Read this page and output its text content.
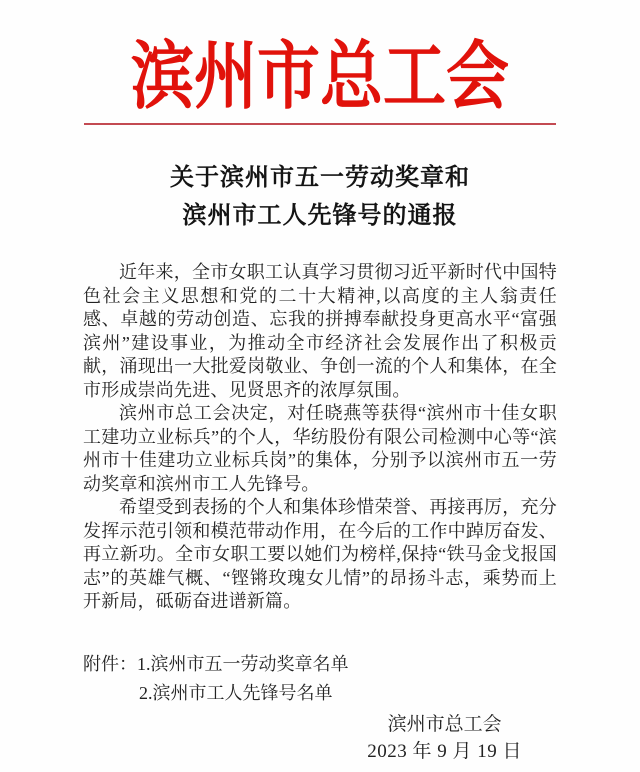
滨州市总工会
关于滨州市五一劳动奖章和
滨州市工人先锋号的通报

近年来，全市女职工认真学习贯彻习近平新时代中国特色社会主义思想和党的二十大精神,以高度的主人翁责任感、卓越的劳动创造、忘我的拼搏奉献投身更高水平“富强滨州”建设事业，为推动全市经济社会发展作出了积极贡献，涌现出一大批爱岗敬业、争创一流的个人和集体，在全市形成崇尚先进、见贤思齐的浓厚氛围。

滨州市总工会决定，对任晓燕等获得“滨州市十佳女职工建功立业标兵”的个人，华纺股份有限公司检测中心等“滨州市十佳建功立业标兵岗”的集体，分别予以滨州市五一劳动奖章和滨州市工人先锋号。

希望受到表扬的个人和集体珍惜荣誉、再接再厉，充分发挥示范引领和模范带动作用，在今后的工作中踔厉奋发、再立新功。全市女职工要以她们为榜样,保持“铁马金戈报国志”的英雄气概、“铿锵玫瑰女儿情”的昂扬斗志，乘势而上开新局，砥砺奋进谱新篇。

附件： 1.滨州市五一劳动奖章名单
2.滨州市工人先锋号名单
滨州市总工会
2023 年 9 月 19 日
